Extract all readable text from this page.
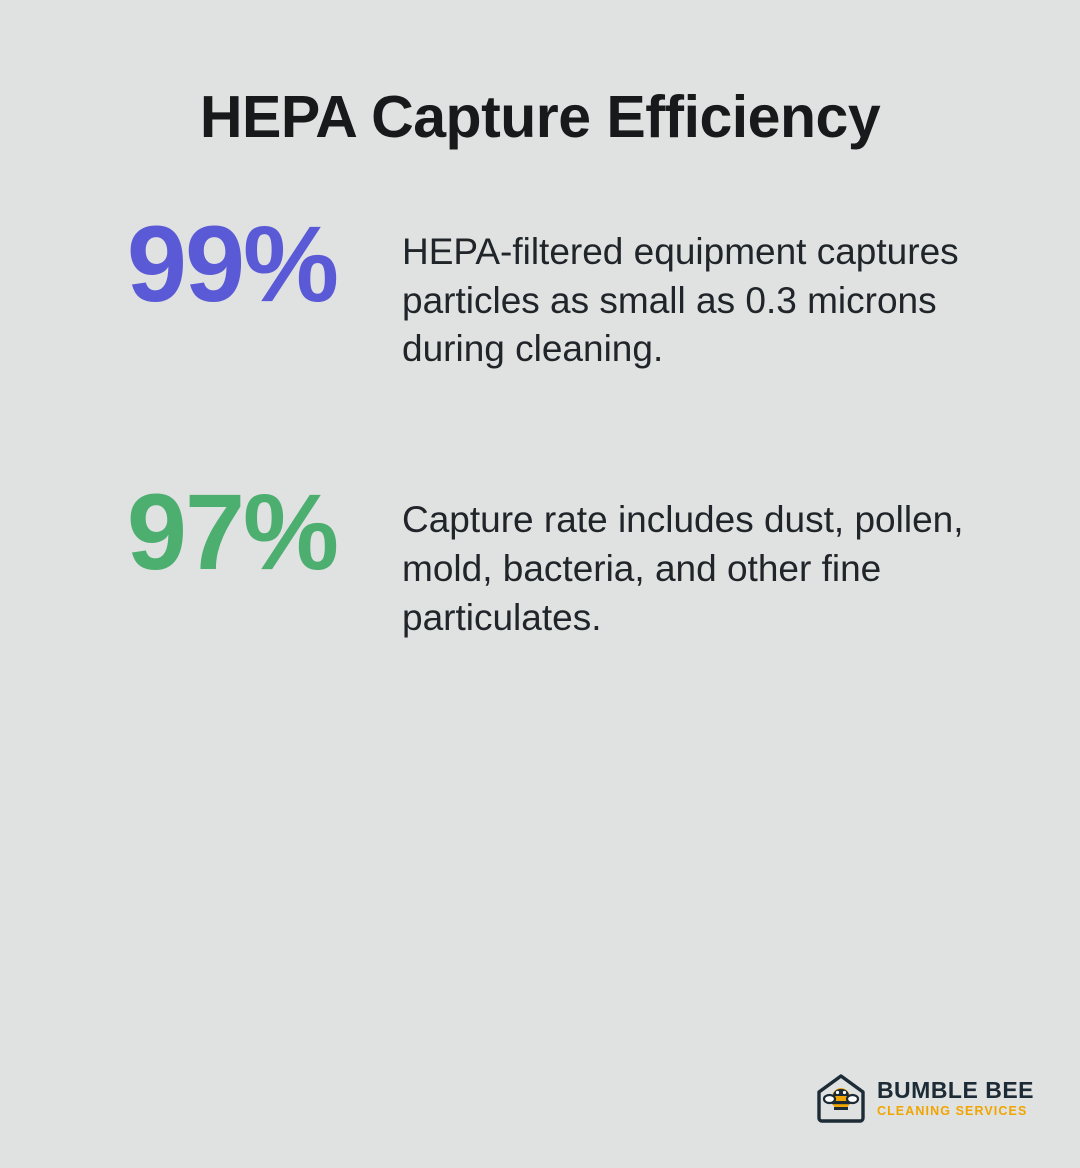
HEPA Capture Efficiency
99%	HEPA-filtered equipment captures particles as small as 0.3 microns during cleaning.
97%	Capture rate includes dust, pollen, mold, bacteria, and other fine particulates.
BUMBLE BEE
CLEANING SERVICES
